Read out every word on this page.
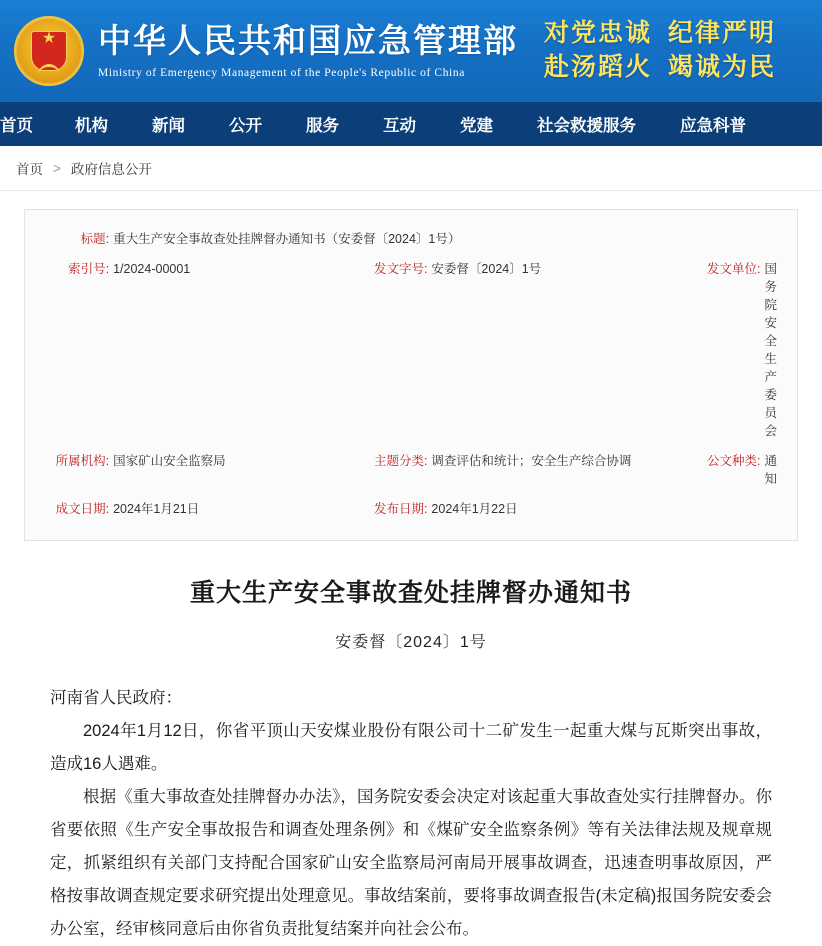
★ 中华人民共和国应急管理部
Ministry of Emergency Management of the People's Republic of China
对党忠诚 纪律严明
赴汤蹈火 竭诚为民
首页	机构	新闻	公开	服务	互动	党建	社会救援服务	应急科普
首页 > 政府信息公开
标题:	重大生产安全事故查处挂牌督办通知书（安委督〔2024〕1号）				
索引号:	1/2024-00001	发文字号:	安委督〔2024〕1号	发文单位:	国务院安全生产委员会
所属机构:	国家矿山安全监察局	主题分类:	调查评估和统计；安全生产综合协调	公文种类:	通知
成文日期:	2024年1月21日	发布日期:	2024年1月22日		
重大生产安全事故查处挂牌督办通知书
安委督〔2024〕1号

河南省人民政府：

2024年1月12日，你省平顶山天安煤业股份有限公司十二矿发生一起重大煤与瓦斯突出事故，造成16人遇难。

根据《重大事故查处挂牌督办办法》，国务院安委会决定对该起重大事故查处实行挂牌督办。你省要依照《生产安全事故报告和调查处理条例》和《煤矿安全监察条例》等有关法律法规及规章规定，抓紧组织有关部门支持配合国家矿山安全监察局河南局开展事故调查，迅速查明事故原因，严格按事故调查规定要求研究提出处理意见。事故结案前，要将事故调查报告(未定稿)报国务院安委会办公室，经审核同意后由你省负责批复结案并向社会公布。
